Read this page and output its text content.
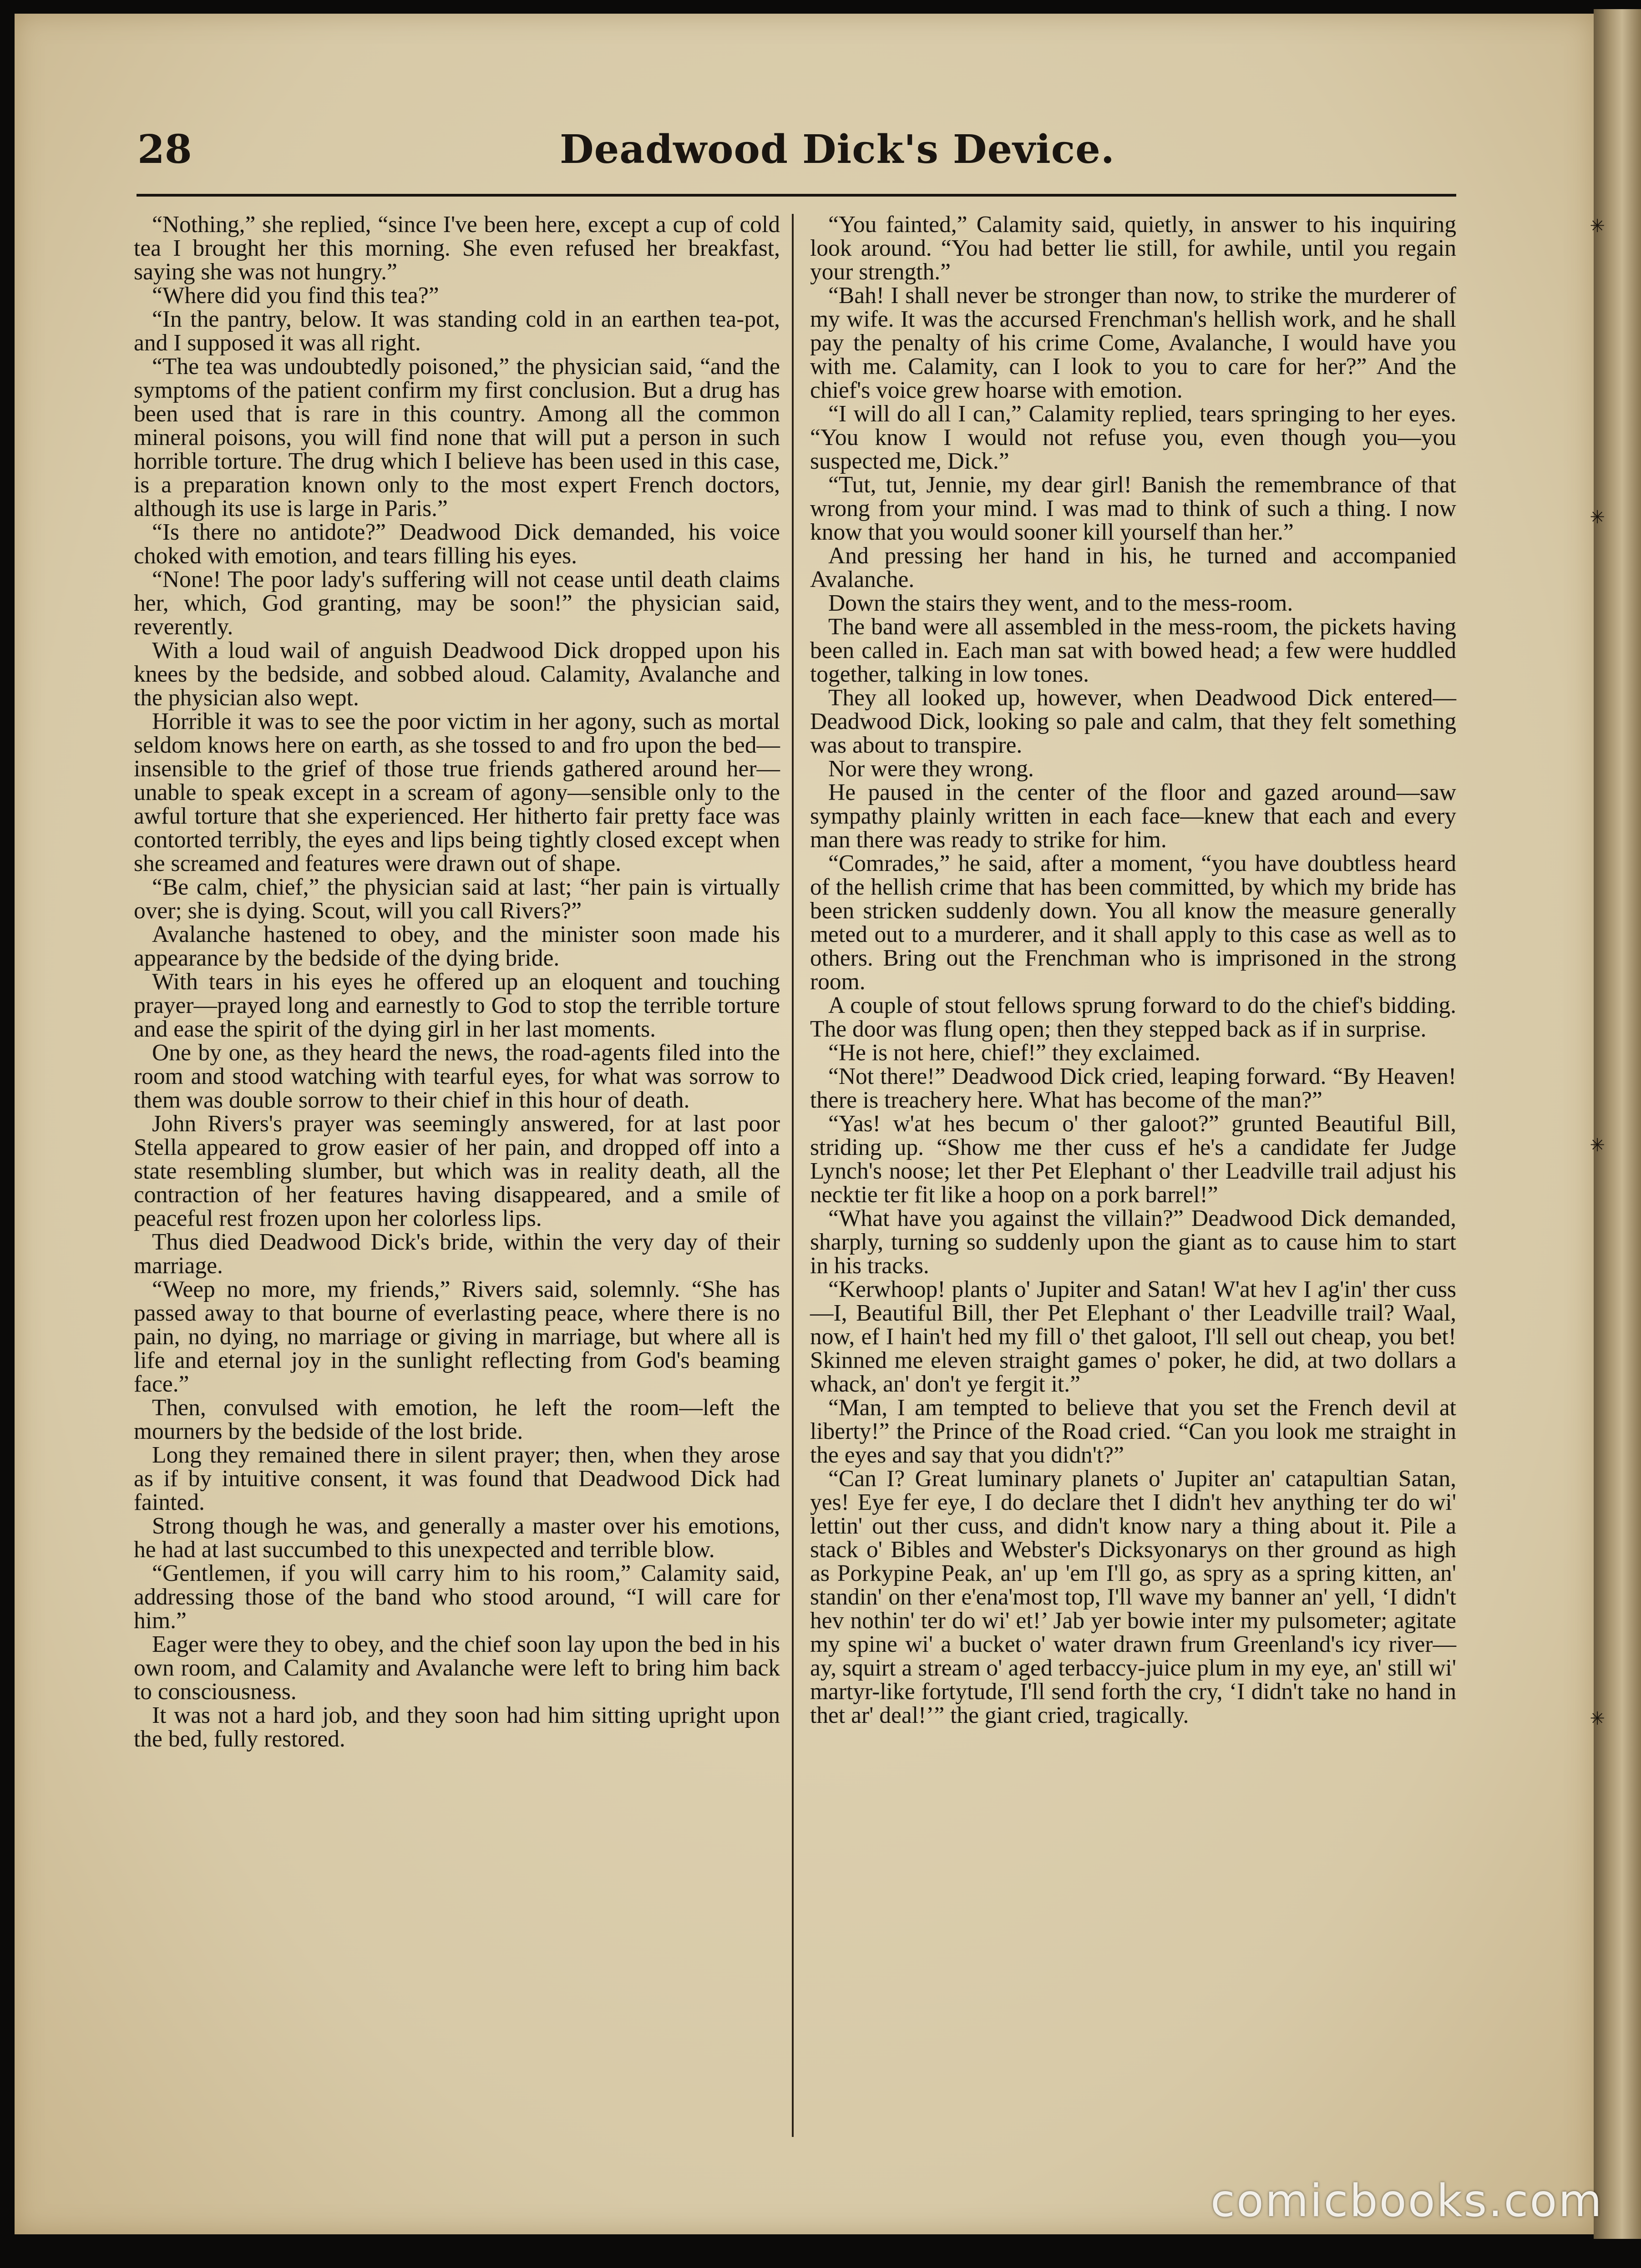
✳
✳
✳
✳
28	Deadwood Dick's Device.

“Nothing,” she replied, “since I've been here, except a cup of cold tea I brought her this morning. She even refused her breakfast, saying she was not hungry.”

“Where did you find this tea?”

“In the pantry, below. It was standing cold in an earthen tea-pot, and I supposed it was all right.

“The tea was undoubtedly poisoned,” the physician said, “and the symptoms of the patient confirm my first conclusion. But a drug has been used that is rare in this country. Among all the common mineral poisons, you will find none that will put a person in such horrible torture. The drug which I believe has been used in this case, is a preparation known only to the most expert French doctors, although its use is large in Paris.”

“Is there no antidote?” Deadwood Dick demanded, his voice choked with emotion, and tears filling his eyes.

“None! The poor lady's suffering will not cease until death claims her, which, God granting, may be soon!” the physician said, reverently.

With a loud wail of anguish Deadwood Dick dropped upon his knees by the bedside, and sobbed aloud. Calamity, Avalanche and the physician also wept.

Horrible it was to see the poor victim in her agony, such as mortal seldom knows here on earth, as she tossed to and fro upon the bed—insensible to the grief of those true friends gathered around her—unable to speak except in a scream of agony—sensible only to the awful torture that she experienced. Her hitherto fair pretty face was contorted terribly, the eyes and lips being tightly closed except when she screamed and features were drawn out of shape.

“Be calm, chief,” the physician said at last; “her pain is virtually over; she is dying. Scout, will you call Rivers?”

Avalanche hastened to obey, and the minister soon made his appearance by the bedside of the dying bride.

With tears in his eyes he offered up an eloquent and touching prayer—prayed long and earnestly to God to stop the terrible torture and ease the spirit of the dying girl in her last moments.

One by one, as they heard the news, the road-agents filed into the room and stood watching with tearful eyes, for what was sorrow to them was double sorrow to their chief in this hour of death.

John Rivers's prayer was seemingly answered, for at last poor Stella appeared to grow easier of her pain, and dropped off into a state resembling slumber, but which was in reality death, all the contraction of her features having disappeared, and a smile of peaceful rest frozen upon her colorless lips.

Thus died Deadwood Dick's bride, within the very day of their marriage.

“Weep no more, my friends,” Rivers said, solemnly. “She has passed away to that bourne of everlasting peace, where there is no pain, no dying, no marriage or giving in marriage, but where all is life and eternal joy in the sunlight reflecting from God's beaming face.”

Then, convulsed with emotion, he left the room—left the mourners by the bedside of the lost bride.

Long they remained there in silent prayer; then, when they arose as if by intuitive consent, it was found that Deadwood Dick had fainted.

Strong though he was, and generally a master over his emotions, he had at last succumbed to this unexpected and terrible blow.

“Gentlemen, if you will carry him to his room,” Calamity said, addressing those of the band who stood around, “I will care for him.”

Eager were they to obey, and the chief soon lay upon the bed in his own room, and Calamity and Avalanche were left to bring him back to consciousness.

It was not a hard job, and they soon had him sitting upright upon the bed, fully restored.

“You fainted,” Calamity said, quietly, in answer to his inquiring look around. “You had better lie still, for awhile, until you regain your strength.”

“Bah! I shall never be stronger than now, to strike the murderer of my wife. It was the accursed Frenchman's hellish work, and he shall pay the penalty of his crime Come, Avalanche, I would have you with me. Calamity, can I look to you to care for her?” And the chief's voice grew hoarse with emotion.

“I will do all I can,” Calamity replied, tears springing to her eyes. “You know I would not refuse you, even though you—you suspected me, Dick.”

“Tut, tut, Jennie, my dear girl! Banish the remembrance of that wrong from your mind. I was mad to think of such a thing. I now know that you would sooner kill yourself than her.”

And pressing her hand in his, he turned and accompanied Avalanche.

Down the stairs they went, and to the mess-room.

The band were all assembled in the mess-room, the pickets having been called in. Each man sat with bowed head; a few were huddled together, talking in low tones.

They all looked up, however, when Deadwood Dick entered—Deadwood Dick, looking so pale and calm, that they felt something was about to transpire.

Nor were they wrong.

He paused in the center of the floor and gazed around—saw sympathy plainly written in each face—knew that each and every man there was ready to strike for him.

“Comrades,” he said, after a moment, “you have doubtless heard of the hellish crime that has been committed, by which my bride has been stricken suddenly down. You all know the measure generally meted out to a murderer, and it shall apply to this case as well as to others. Bring out the Frenchman who is imprisoned in the strong room.

A couple of stout fellows sprung forward to do the chief's bidding. The door was flung open; then they stepped back as if in surprise.

“He is not here, chief!” they exclaimed.

“Not there!” Deadwood Dick cried, leaping forward. “By Heaven! there is treachery here. What has become of the man?”

“Yas! w'at hes becum o' ther galoot?” grunted Beautiful Bill, striding up. “Show me ther cuss ef he's a candidate fer Judge Lynch's noose; let ther Pet Elephant o' ther Leadville trail adjust his necktie ter fit like a hoop on a pork barrel!”

“What have you against the villain?” Deadwood Dick demanded, sharply, turning so suddenly upon the giant as to cause him to start in his tracks.

“Kerwhoop! plants o' Jupiter and Satan! W'at hev I ag'in' ther cuss—I, Beautiful Bill, ther Pet Elephant o' ther Leadville trail? Waal, now, ef I hain't hed my fill o' thet galoot, I'll sell out cheap, you bet! Skinned me eleven straight games o' poker, he did, at two dollars a whack, an' don't ye fergit it.”

“Man, I am tempted to believe that you set the French devil at liberty!” the Prince of the Road cried. “Can you look me straight in the eyes and say that you didn't?”

“Can I? Great luminary planets o' Jupiter an' catapultian Satan, yes! Eye fer eye, I do declare thet I didn't hev anything ter do wi' lettin' out ther cuss, and didn't know nary a thing about it. Pile a stack o' Bibles and Webster's Dicksyonarys on ther ground as high as Porkypine Peak, an' up 'em I'll go, as spry as a spring kitten, an' standin' on ther e'ena'most top, I'll wave my banner an' yell, ‘I didn't hev nothin' ter do wi' et!’ Jab yer bowie inter my pulsometer; agitate my spine wi' a bucket o' water drawn frum Greenland's icy river—ay, squirt a stream o' aged terbaccy-juice plum in my eye, an' still wi' martyr-like fortytude, I'll send forth the cry, ‘I didn't take no hand in thet ar' deal!’” the giant cried, tragically.

comicbooks.com
